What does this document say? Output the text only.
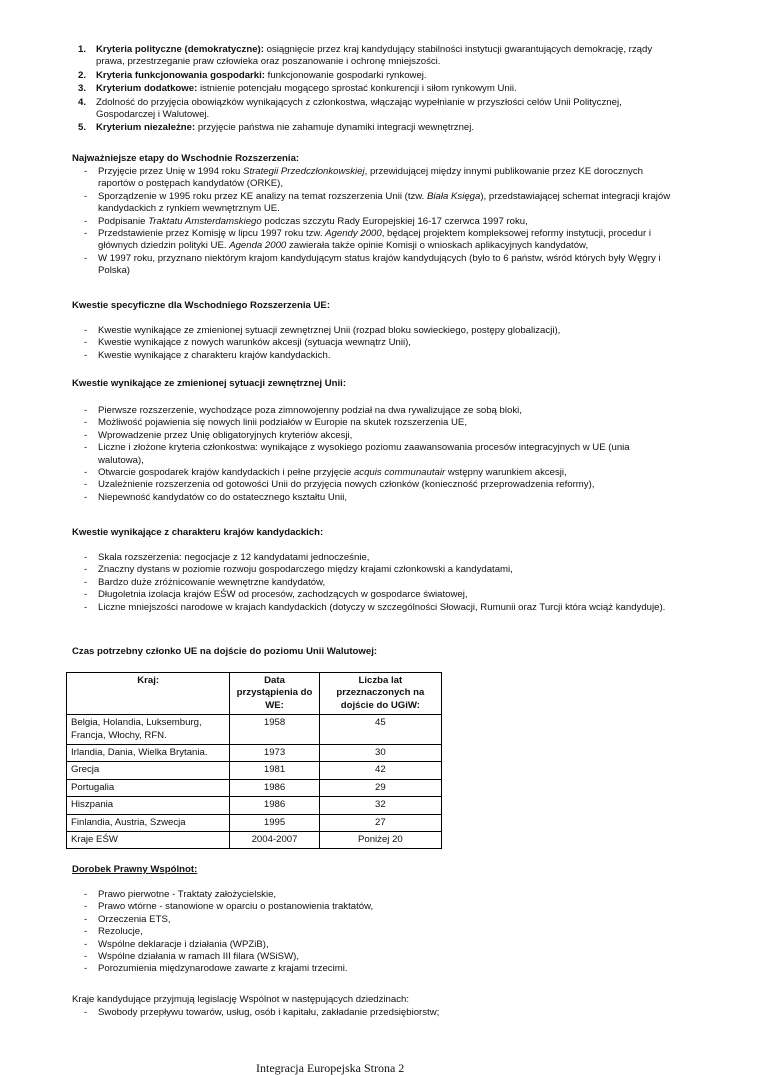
1. Kryteria polityczne (demokratyczne): osiągnięcie przez kraj kandydujący stabilności instytucji gwarantujących demokrację, rządy prawa, przestrzeganie praw człowieka oraz poszanowanie i ochronę mniejszości.
2. Kryteria funkcjonowania gospodarki: funkcjonowanie gospodarki rynkowej.
3. Kryterium dodatkowe: istnienie potencjału mogącego sprostać konkurencji i siłom rynkowym Unii.
4. Zdolność do przyjęcia obowiązków wynikających z członkostwa, włączając wypełnianie w przyszłości celów Unii Politycznej, Gospodarczej i Walutowej.
5. Kryterium niezależne: przyjęcie państwa nie zahamuje dynamiki integracji wewnętrznej.
Najważniejsze etapy do Wschodnie Rozszerzenia:
- Przyjęcie przez Unię w 1994 roku Strategii Przedczłonkowskiej, przewidującej między innymi publikowanie przez KE dorocznych raportów o postępach kandydatów (ORKE),
- Sporządzenie w 1995 roku przez KE analizy na temat rozszerzenia Unii (tzw. Biała Księga), przedstawiającej schemat integracji krajów kandydackich z rynkiem wewnętrznym UE.
- Podpisanie Traktatu Amsterdamskiego podczas szczytu Rady Europejskiej 16-17 czerwca 1997 roku,
- Przedstawienie przez Komisję w lipcu 1997 roku tzw. Agendy 2000, będącej projektem kompleksowej reformy instytucji, procedur i głównych dziedzin polityki UE. Agenda 2000 zawierała także opinie Komisji o wnioskach aplikacyjnych kandydatów,
- W 1997 roku, przyznano niektórym krajom kandydującym status krajów kandydujących (było to 6 państw, wśród których były Węgry i Polska)
Kwestie specyficzne dla Wschodniego Rozszerzenia UE:
- Kwestie wynikające ze zmienionej sytuacji zewnętrznej Unii (rozpad bloku sowieckiego, postępy globalizacji),
- Kwestie wynikające z nowych warunków akcesji (sytuacja wewnątrz Unii),
- Kwestie wynikające z charakteru krajów kandydackich.
Kwestie wynikające ze zmienionej sytuacji zewnętrznej Unii:
- Pierwsze rozszerzenie, wychodzące poza zimnowojenny podział na dwa rywalizujące ze sobą bloki,
- Możliwość pojawienia się nowych linii podziałów w Europie na skutek rozszerzenia UE,
- Wprowadzenie przez Unię obligatoryjnych kryteriów akcesji,
- Liczne i złożone kryteria członkostwa: wynikające z wysokiego poziomu zaawansowania procesów integracyjnych w UE (unia walutowa),
- Otwarcie gospodarek krajów kandydackich i pełne przyjęcie acquis communautair wstępny warunkiem akcesji,
- Uzależnienie rozszerzenia od gotowości Unii do przyjęcia nowych członków (konieczność przeprowadzenia reformy),
- Niepewność kandydatów co do ostatecznego kształtu Unii,
Kwestie wynikające z charakteru krajów kandydackich:
- Skala rozszerzenia: negocjacje z 12 kandydatami jednocześnie,
- Znaczny dystans w poziomie rozwoju gospodarczego między krajami członkowski a kandydatami,
- Bardzo duże zróżnicowanie wewnętrzne kandydatów,
- Długoletnia izolacja krajów EŚW od procesów, zachodzących w gospodarce światowej,
- Liczne mniejszości narodowe w krajach kandydackich (dotyczy w szczególności Słowacji, Rumunii oraz Turcji która wciąż kandyduje).
Czas potrzebny członko UE na dojście do poziomu Unii Walutowej:
Kraj:	Data przystąpienia do WE:	Liczba lat przeznaczonych na dojście do UGiW:
Belgia, Holandia, Luksemburg, Francja, Włochy, RFN.	1958	45
Irlandia, Dania, Wielka Brytania.	1973	30
Grecja	1981	42
Portugalia	1986	29
Hiszpania	1986	32
Finlandia, Austria, Szwecja	1995	27
Kraje EŚW	2004-2007	Poniżej 20
Dorobek Prawny Wspólnot:
- Prawo pierwotne - Traktaty założycielskie,
- Prawo wtórne - stanowione w oparciu o postanowienia traktatów,
- Orzeczenia ETS,
- Rezolucje,
- Wspólne deklaracje i działania (WPZiB),
- Wspólne działania w ramach III filara (WSiSW),
- Porozumienia międzynarodowe zawarte z krajami trzecimi.
Kraje kandydujące przyjmują legislację Wspólnot w następujących dziedzinach:
- Swobody przepływu towarów, usług, osób i kapitału, zakładanie przedsiębiorstw;
Integracja Europejska Strona 2
